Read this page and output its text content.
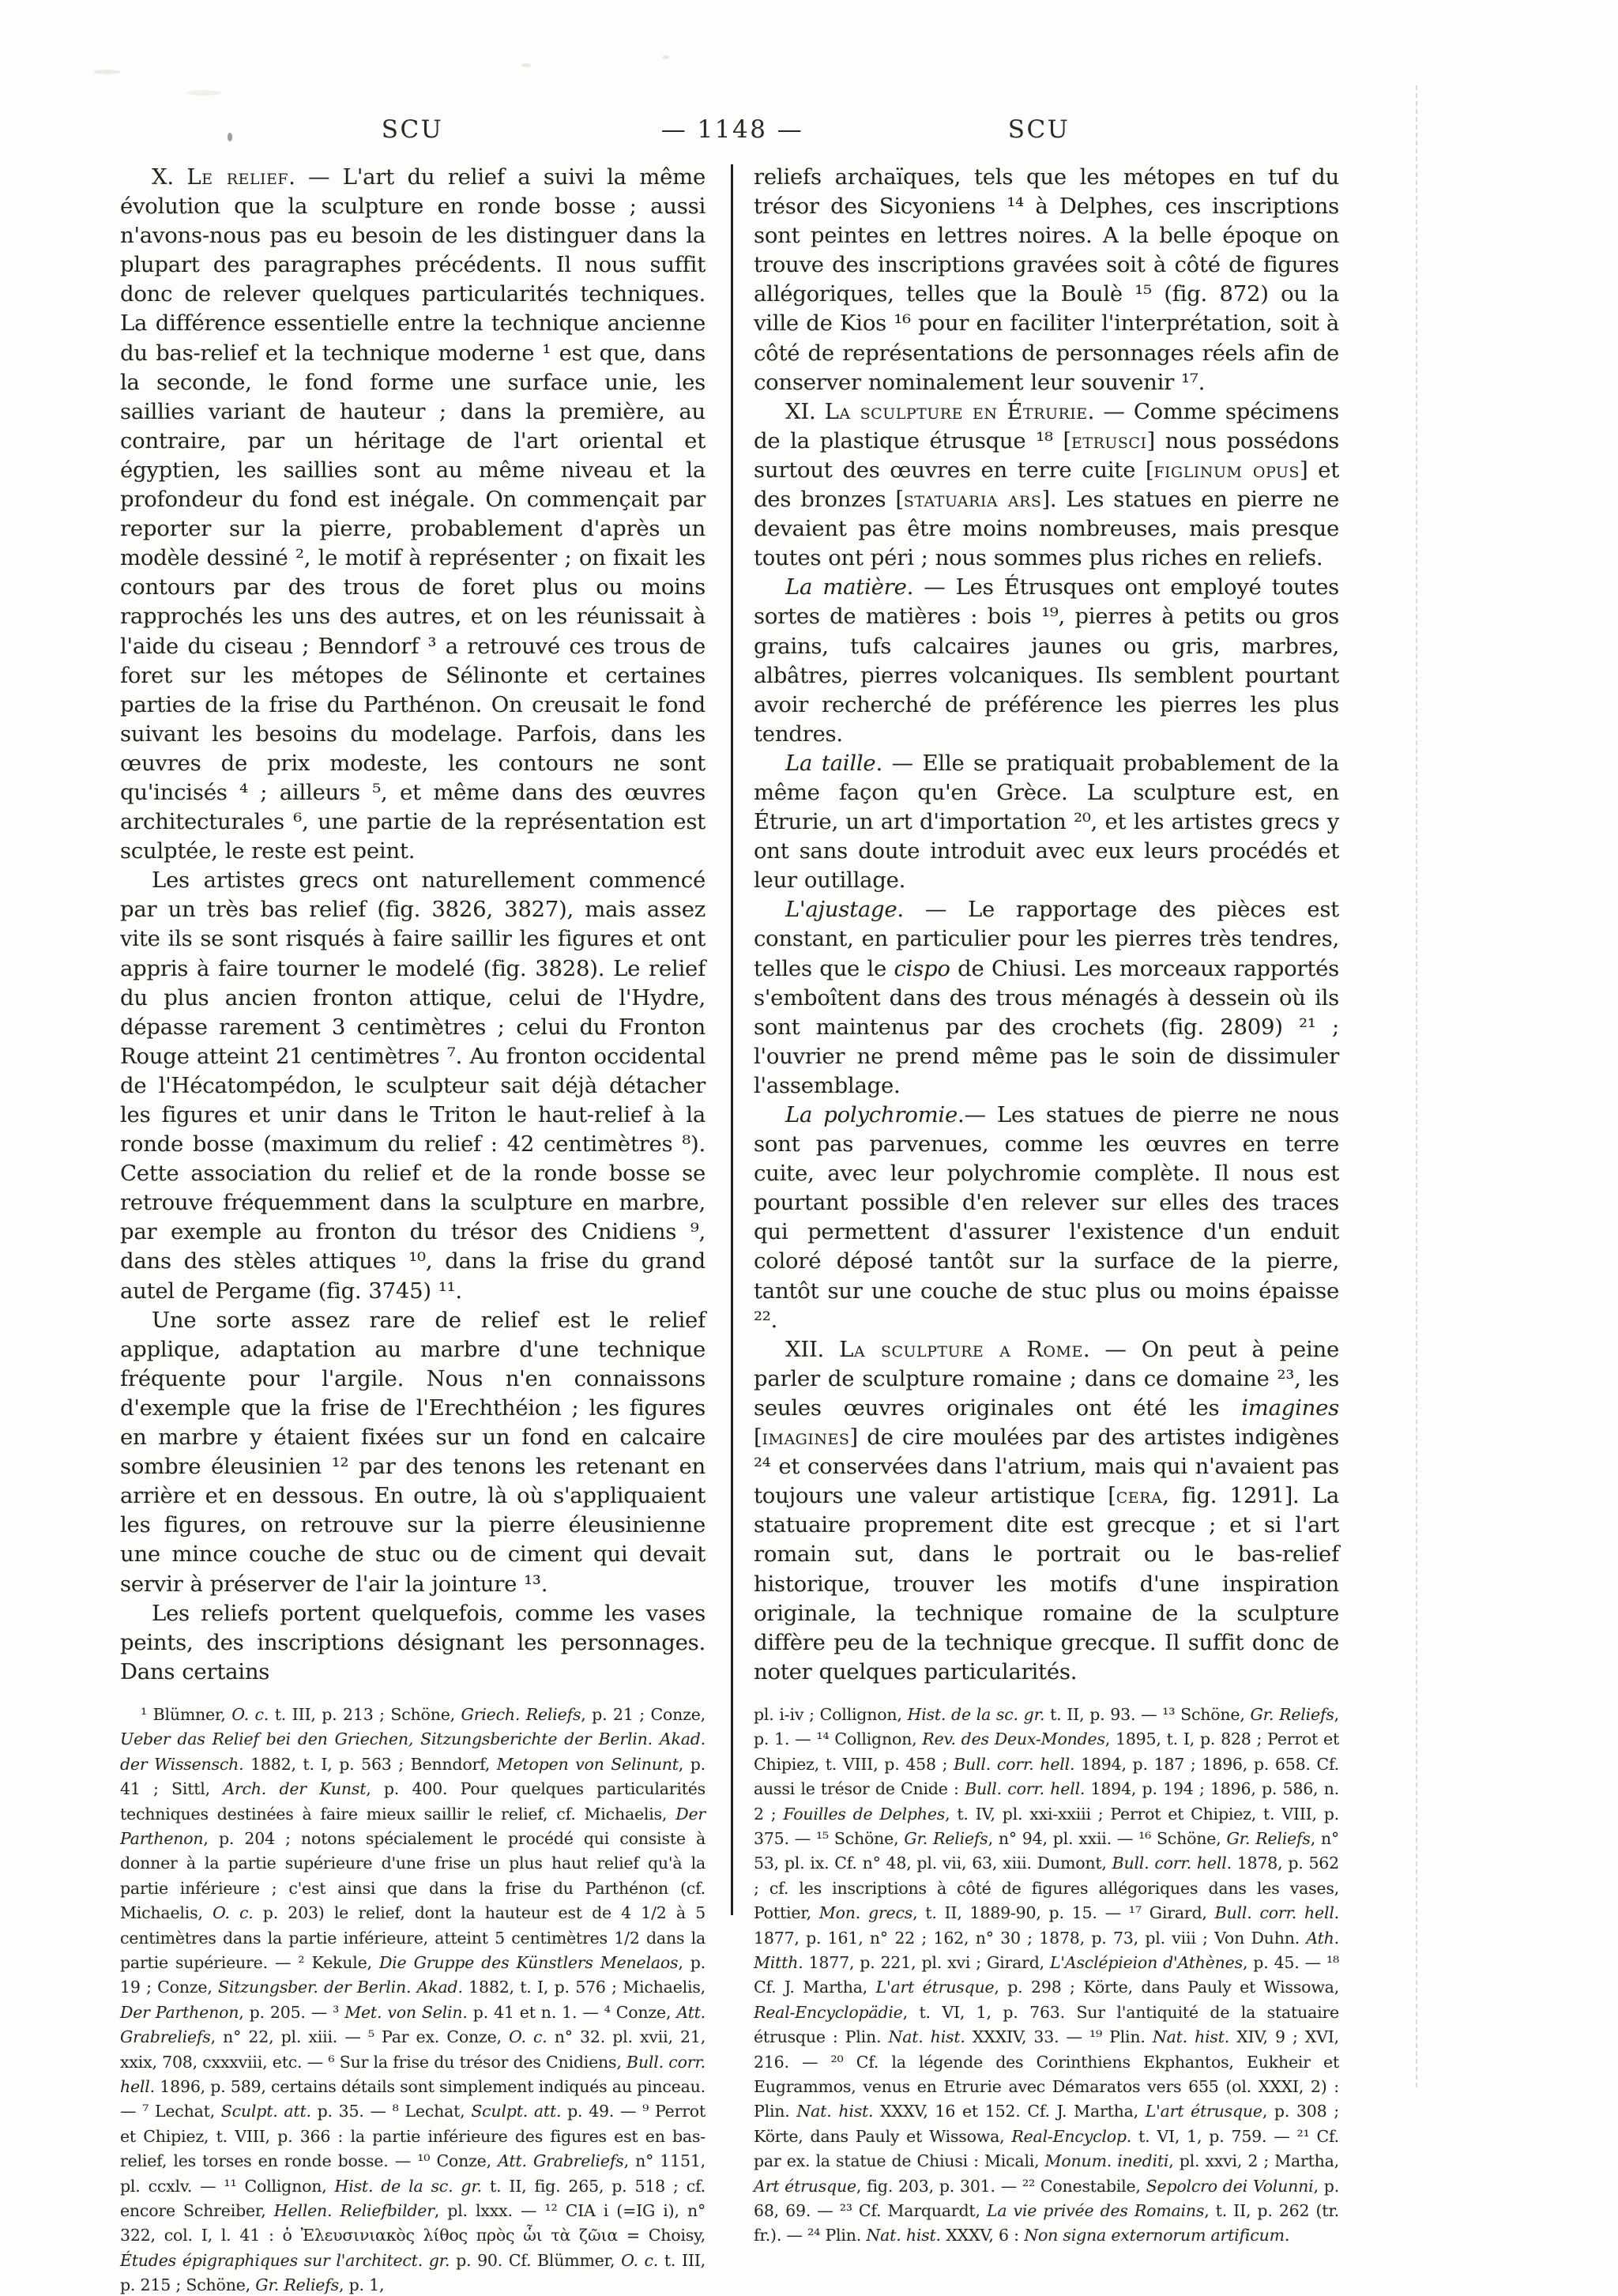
SCU	— 1148 —	SCU

X. Le relief. — L'art du relief a suivi la même évolution que la sculpture en ronde bosse ; aussi n'avons-nous pas eu besoin de les distinguer dans la plupart des paragraphes précédents. Il nous suffit donc de relever quelques particularités techniques. La différence essentielle entre la technique ancienne du bas-relief et la technique moderne ¹ est que, dans la seconde, le fond forme une surface unie, les saillies variant de hauteur ; dans la première, au contraire, par un héritage de l'art oriental et égyptien, les saillies sont au même niveau et la profondeur du fond est inégale. On commençait par reporter sur la pierre, probablement d'après un modèle dessiné ², le motif à représenter ; on fixait les contours par des trous de foret plus ou moins rapprochés les uns des autres, et on les réunissait à l'aide du ciseau ; Benndorf ³ a retrouvé ces trous de foret sur les métopes de Sélinonte et certaines parties de la frise du Parthénon. On creusait le fond suivant les besoins du modelage. Parfois, dans les œuvres de prix modeste, les contours ne sont qu'incisés ⁴ ; ailleurs ⁵, et même dans des œuvres architecturales ⁶, une partie de la représentation est sculptée, le reste est peint.

Les artistes grecs ont naturellement commencé par un très bas relief (fig. 3826, 3827), mais assez vite ils se sont risqués à faire saillir les figures et ont appris à faire tourner le modelé (fig. 3828). Le relief du plus ancien fronton attique, celui de l'Hydre, dépasse rarement 3 centimètres ; celui du Fronton Rouge atteint 21 centimètres ⁷. Au fronton occidental de l'Hécatompédon, le sculpteur sait déjà détacher les figures et unir dans le Triton le haut-relief à la ronde bosse (maximum du relief : 42 centimètres ⁸). Cette association du relief et de la ronde bosse se retrouve fréquemment dans la sculpture en marbre, par exemple au fronton du trésor des Cnidiens ⁹, dans des stèles attiques ¹⁰, dans la frise du grand autel de Pergame (fig. 3745) ¹¹.

Une sorte assez rare de relief est le relief applique, adaptation au marbre d'une technique fréquente pour l'argile. Nous n'en connaissons d'exemple que la frise de l'Erechthéion ; les figures en marbre y étaient fixées sur un fond en calcaire sombre éleusinien ¹² par des tenons les retenant en arrière et en dessous. En outre, là où s'appliquaient les figures, on retrouve sur la pierre éleusinienne une mince couche de stuc ou de ciment qui devait servir à préserver de l'air la jointure ¹³.

Les reliefs portent quelquefois, comme les vases peints, des inscriptions désignant les personnages. Dans certains

reliefs archaïques, tels que les métopes en tuf du trésor des Sicyoniens ¹⁴ à Delphes, ces inscriptions sont peintes en lettres noires. A la belle époque on trouve des inscriptions gravées soit à côté de figures allégoriques, telles que la Boulè ¹⁵ (fig. 872) ou la ville de Kios ¹⁶ pour en faciliter l'interprétation, soit à côté de représentations de personnages réels afin de conserver nominalement leur souvenir ¹⁷.

XI. La sculpture en Étrurie. — Comme spécimens de la plastique étrusque ¹⁸ [etrusci] nous possédons surtout des œuvres en terre cuite [figlinum opus] et des bronzes [statuaria ars]. Les statues en pierre ne devaient pas être moins nombreuses, mais presque toutes ont péri ; nous sommes plus riches en reliefs.

La matière. — Les Étrusques ont employé toutes sortes de matières : bois ¹⁹, pierres à petits ou gros grains, tufs calcaires jaunes ou gris, marbres, albâtres, pierres volcaniques. Ils semblent pourtant avoir recherché de préférence les pierres les plus tendres.

La taille. — Elle se pratiquait probablement de la même façon qu'en Grèce. La sculpture est, en Étrurie, un art d'importation ²⁰, et les artistes grecs y ont sans doute introduit avec eux leurs procédés et leur outillage.

L'ajustage. — Le rapportage des pièces est constant, en particulier pour les pierres très tendres, telles que le cispo de Chiusi. Les morceaux rapportés s'emboîtent dans des trous ménagés à dessein où ils sont maintenus par des crochets (fig. 2809) ²¹ ; l'ouvrier ne prend même pas le soin de dissimuler l'assemblage.

La polychromie.— Les statues de pierre ne nous sont pas parvenues, comme les œuvres en terre cuite, avec leur polychromie complète. Il nous est pourtant possible d'en relever sur elles des traces qui permettent d'assurer l'existence d'un enduit coloré déposé tantôt sur la surface de la pierre, tantôt sur une couche de stuc plus ou moins épaisse ²².

XII. La sculpture a Rome. — On peut à peine parler de sculpture romaine ; dans ce domaine ²³, les seules œuvres originales ont été les imagines [imagines] de cire moulées par des artistes indigènes ²⁴ et conservées dans l'atrium, mais qui n'avaient pas toujours une valeur artistique [cera, fig. 1291]. La statuaire proprement dite est grecque ; et si l'art romain sut, dans le portrait ou le bas-relief historique, trouver les motifs d'une inspiration originale, la technique romaine de la sculpture diffère peu de la technique grecque. Il suffit donc de noter quelques particularités.

¹ Blümner, O. c. t. III, p. 213 ; Schöne, Griech. Reliefs, p. 21 ; Conze, Ueber das Relief bei den Griechen, Sitzungsberichte der Berlin. Akad. der Wissensch. 1882, t. I, p. 563 ; Benndorf, Metopen von Selinunt, p. 41 ; Sittl, Arch. der Kunst, p. 400. Pour quelques particularités techniques destinées à faire mieux saillir le relief, cf. Michaelis, Der Parthenon, p. 204 ; notons spécialement le procédé qui consiste à donner à la partie supérieure d'une frise un plus haut relief qu'à la partie inférieure ; c'est ainsi que dans la frise du Parthénon (cf. Michaelis, O. c. p. 203) le relief, dont la hauteur est de 4 1/2 à 5 centimètres dans la partie inférieure, atteint 5 centimètres 1/2 dans la partie supérieure. — ² Kekule, Die Gruppe des Künstlers Menelaos, p. 19 ; Conze, Sitzungsber. der Berlin. Akad. 1882, t. I, p. 576 ; Michaelis, Der Parthenon, p. 205. — ³ Met. von Selin. p. 41 et n. 1. — ⁴ Conze, Att. Grabreliefs, n° 22, pl. xiii. — ⁵ Par ex. Conze, O. c. n° 32. pl. xvii, 21, xxix, 708, cxxxviii, etc. — ⁶ Sur la frise du trésor des Cnidiens, Bull. corr. hell. 1896, p. 589, certains détails sont simplement indiqués au pinceau. — ⁷ Lechat, Sculpt. att. p. 35. — ⁸ Lechat, Sculpt. att. p. 49. — ⁹ Perrot et Chipiez, t. VIII, p. 366 : la partie inférieure des figures est en bas-relief, les torses en ronde bosse. — ¹⁰ Conze, Att. Grabreliefs, n° 1151, pl. ccxlv. — ¹¹ Collignon, Hist. de la sc. gr. t. II, fig. 265, p. 518 ; cf. encore Schreiber, Hellen. Reliefbilder, pl. lxxx. — ¹² CIA i (=IG i), n° 322, col. I, l. 41 : ὁ Ἐλευσινιακὸς λίθος πρὸς ὧι τὰ ζῶια = Choisy, Études épigraphiques sur l'architect. gr. p. 90. Cf. Blümmer, O. c. t. III, p. 215 ; Schöne, Gr. Reliefs, p. 1,
pl. i-iv ; Collignon, Hist. de la sc. gr. t. II, p. 93. — ¹³ Schöne, Gr. Reliefs, p. 1. — ¹⁴ Collignon, Rev. des Deux-Mondes, 1895, t. I, p. 828 ; Perrot et Chipiez, t. VIII, p. 458 ; Bull. corr. hell. 1894, p. 187 ; 1896, p. 658. Cf. aussi le trésor de Cnide : Bull. corr. hell. 1894, p. 194 ; 1896, p. 586, n. 2 ; Fouilles de Delphes, t. IV, pl. xxi-xxiii ; Perrot et Chipiez, t. VIII, p. 375. — ¹⁵ Schöne, Gr. Reliefs, n° 94, pl. xxii. — ¹⁶ Schöne, Gr. Reliefs, n° 53, pl. ix. Cf. n° 48, pl. vii, 63, xiii. Dumont, Bull. corr. hell. 1878, p. 562 ; cf. les inscriptions à côté de figures allégoriques dans les vases, Pottier, Mon. grecs, t. II, 1889-90, p. 15. — ¹⁷ Girard, Bull. corr. hell. 1877, p. 161, n° 22 ; 162, n° 30 ; 1878, p. 73, pl. viii ; Von Duhn. Ath. Mitth. 1877, p. 221, pl. xvi ; Girard, L'Asclépieion d'Athènes, p. 45. — ¹⁸ Cf. J. Martha, L'art étrusque, p. 298 ; Körte, dans Pauly et Wissowa, Real-Encyclopädie, t. VI, 1, p. 763. Sur l'antiquité de la statuaire étrusque : Plin. Nat. hist. XXXIV, 33. — ¹⁹ Plin. Nat. hist. XIV, 9 ; XVI, 216. — ²⁰ Cf. la légende des Corinthiens Ekphantos, Eukheir et Eugrammos, venus en Etrurie avec Démaratos vers 655 (ol. XXXI, 2) : Plin. Nat. hist. XXXV, 16 et 152. Cf. J. Martha, L'art étrusque, p. 308 ; Körte, dans Pauly et Wissowa, Real-Encyclop. t. VI, 1, p. 759. — ²¹ Cf. par ex. la statue de Chiusi : Micali, Monum. inediti, pl. xxvi, 2 ; Martha, Art étrusque, fig. 203, p. 301. — ²² Conestabile, Sepolcro dei Volunni, p. 68, 69. — ²³ Cf. Marquardt, La vie privée des Romains, t. II, p. 262 (tr. fr.). — ²⁴ Plin. Nat. hist. XXXV, 6 : Non signa externorum artificum.
